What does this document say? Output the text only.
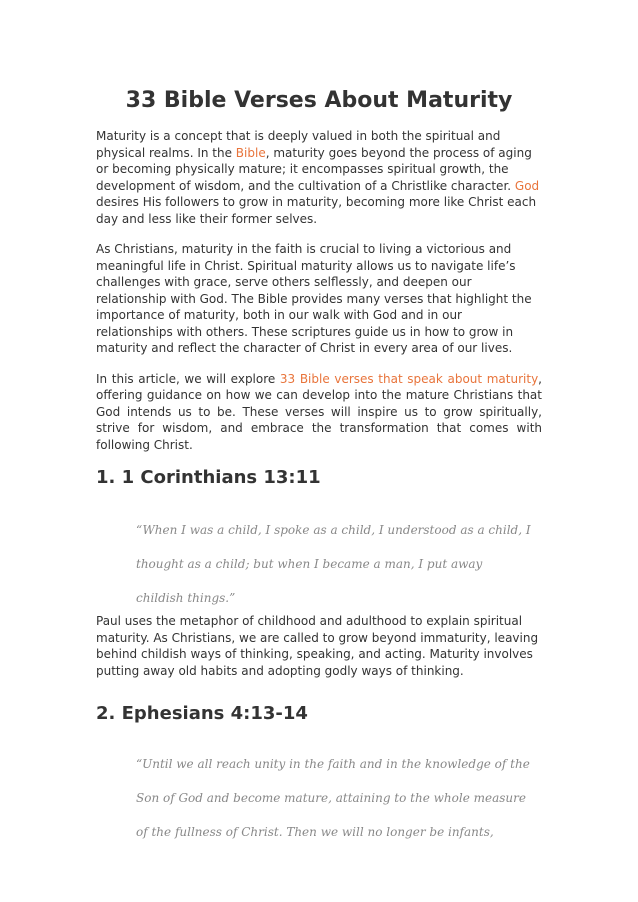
33 Bible Verses About Maturity

Maturity is a concept that is deeply valued in both the spiritual and physical realms. In the Bible, maturity goes beyond the process of aging or becoming physically mature; it encompasses spiritual growth, the development of wisdom, and the cultivation of a Christlike character. God desires His followers to grow in maturity, becoming more like Christ each day and less like their former selves.

As Christians, maturity in the faith is crucial to living a victorious and meaningful life in Christ. Spiritual maturity allows us to navigate life’s challenges with grace, serve others selflessly, and deepen our relationship with God. The Bible provides many verses that highlight the importance of maturity, both in our walk with God and in our relationships with others. These scriptures guide us in how to grow in maturity and reflect the character of Christ in every area of our lives.

In this article, we will explore 33 Bible verses that speak about maturity, offering guidance on how we can develop into the mature Christians that God intends us to be. These verses will inspire us to grow spiritually, strive for wisdom, and embrace the transformation that comes with following Christ.

1. 1 Corinthians 13:11
“When I was a child, I spoke as a child, I understood as a child, I
thought as a child; but when I became a man, I put away
childish things.”

Paul uses the metaphor of childhood and adulthood to explain spiritual maturity. As Christians, we are called to grow beyond immaturity, leaving behind childish ways of thinking, speaking, and acting. Maturity involves putting away old habits and adopting godly ways of thinking.

2. Ephesians 4:13-14
“Until we all reach unity in the faith and in the knowledge of the
Son of God and become mature, attaining to the whole measure
of the fullness of Christ. Then we will no longer be infants,
